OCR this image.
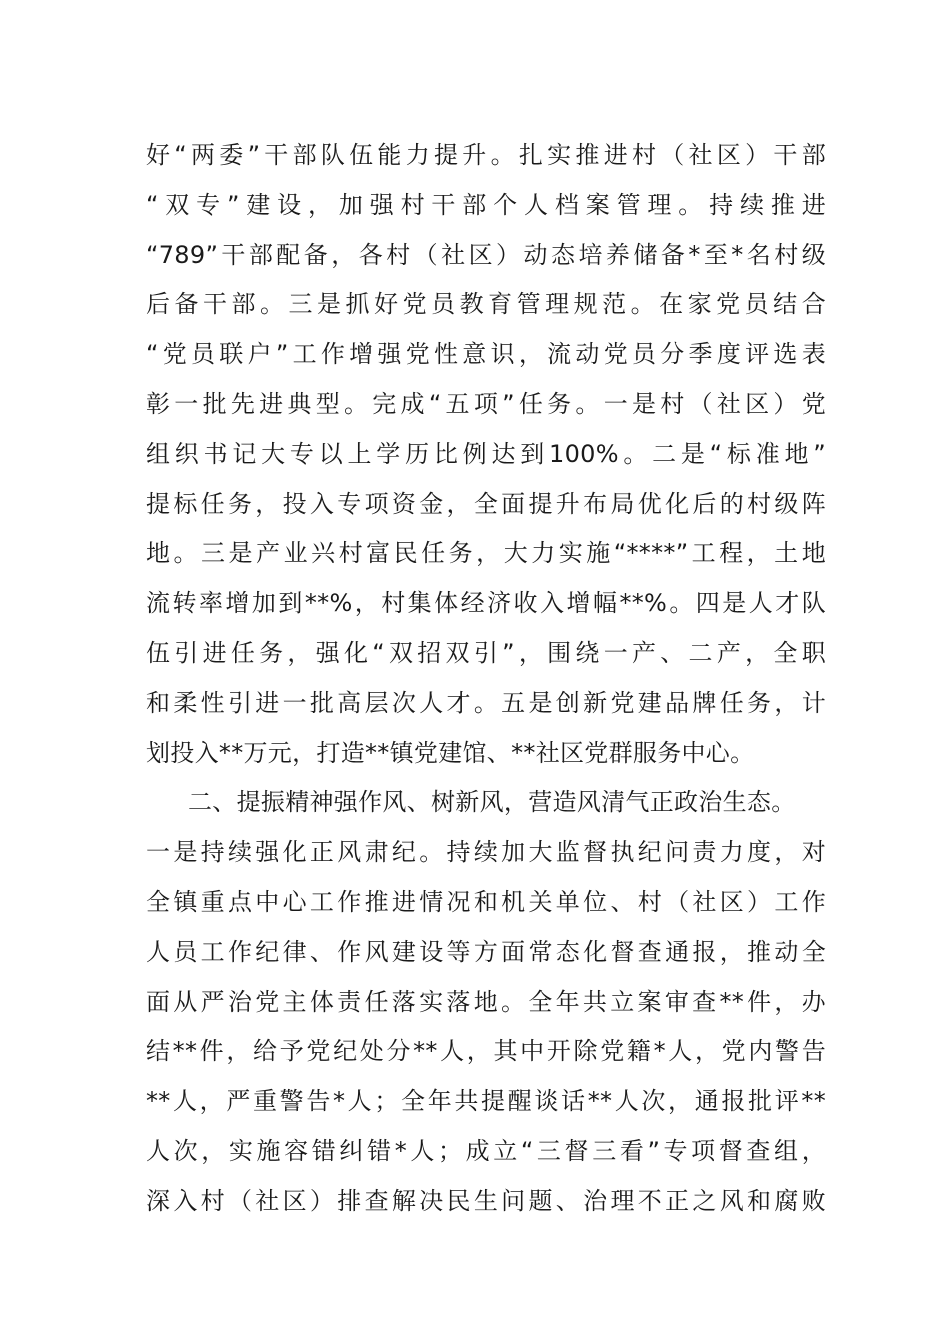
好“两委”干部队伍能力提升。扎实推进村（社区）干部
“双专”建设，加强村干部个人档案管理。持续推进
“789”干部配备，各村（社区）动态培养储备*至*名村级
后备干部。三是抓好党员教育管理规范。在家党员结合
“党员联户”工作增强党性意识，流动党员分季度评选表
彰一批先进典型。完成“五项”任务。一是村（社区）党
组织书记大专以上学历比例达到100%。二是“标准地”
提标任务，投入专项资金，全面提升布局优化后的村级阵
地。三是产业兴村富民任务，大力实施“****”工程，土地
流转率增加到**%，村集体经济收入增幅**%。四是人才队
伍引进任务，强化“双招双引”，围绕一产、二产，全职
和柔性引进一批高层次人才。五是创新党建品牌任务，计
划投入**万元，打造**镇党建馆、**社区党群服务中心。
二、提振精神强作风、树新风，营造风清气正政治生态。
一是持续强化正风肃纪。持续加大监督执纪问责力度，对
全镇重点中心工作推进情况和机关单位、村（社区）工作
人员工作纪律、作风建设等方面常态化督查通报，推动全
面从严治党主体责任落实落地。全年共立案审查**件，办
结**件，给予党纪处分**人，其中开除党籍*人，党内警告
**人，严重警告*人；全年共提醒谈话**人次，通报批评**
人次，实施容错纠错*人；成立“三督三看”专项督查组，
深入村（社区）排查解决民生问题、治理不正之风和腐败
